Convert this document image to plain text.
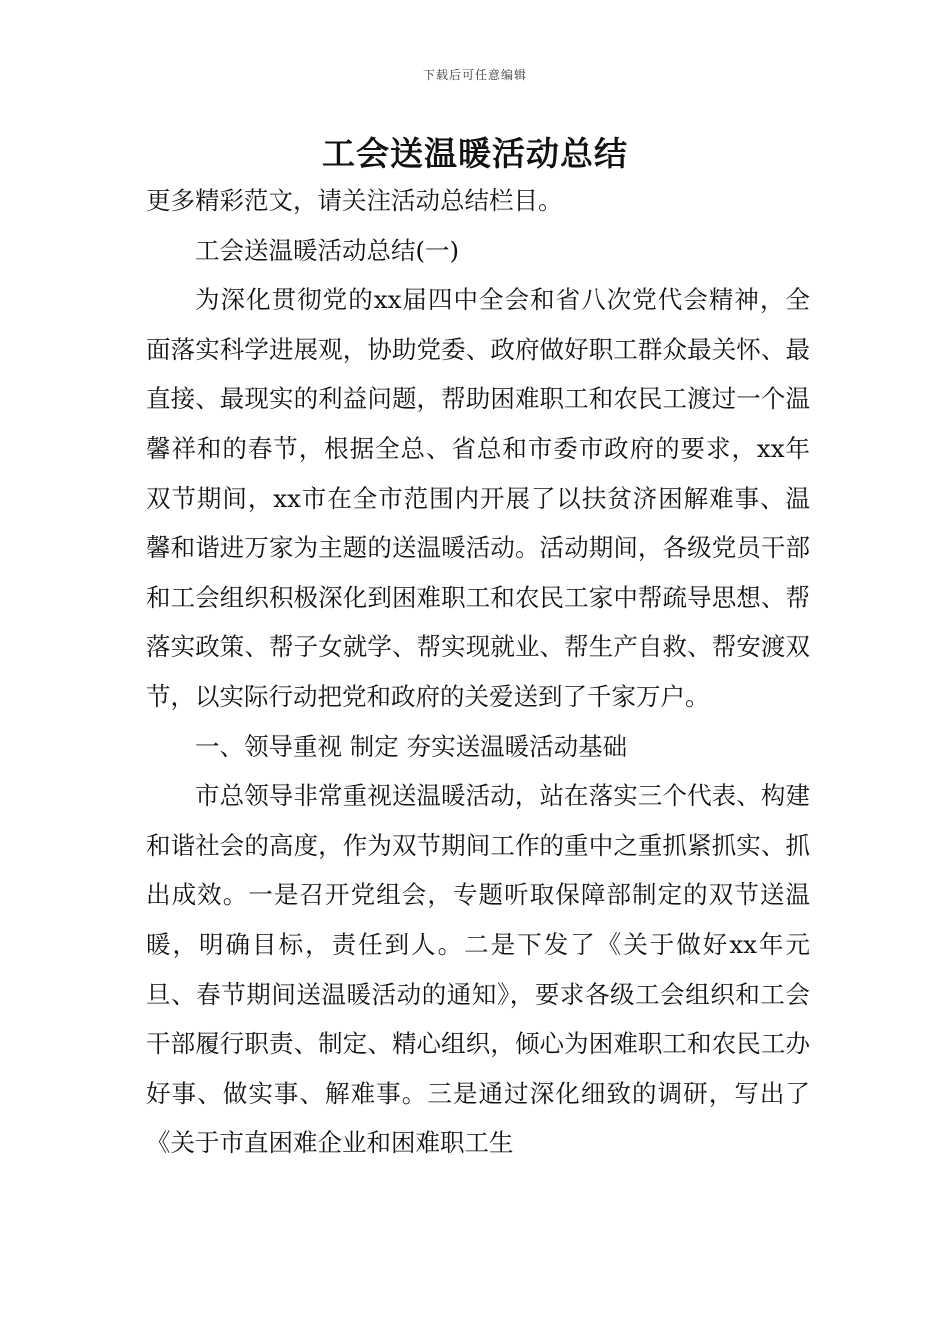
下载后可任意编辑
工会送温暖活动总结

更多精彩范文，请关注活动总结栏目。

工会送温暖活动总结(一)

为深化贯彻党的xx届四中全会和省八次党代会精神，全面落实科学进展观，协助党委、政府做好职工群众最关怀、最直接、最现实的利益问题，帮助困难职工和农民工渡过一个温馨祥和的春节，根据全总、省总和市委市政府的要求，xx年双节期间，xx市在全市范围内开展了以扶贫济困解难事、温馨和谐进万家为主题的送温暖活动。活动期间，各级党员干部和工会组织积极深化到困难职工和农民工家中帮疏导思想、帮落实政策、帮子女就学、帮实现就业、帮生产自救、帮安渡双节，以实际行动把党和政府的关爱送到了千家万户。

一、领导重视 制定 夯实送温暖活动基础

市总领导非常重视送温暖活动，站在落实三个代表、构建和谐社会的高度，作为双节期间工作的重中之重抓紧抓实、抓出成效。一是召开党组会，专题听取保障部制定的双节送温暖，明确目标，责任到人。二是下发了《关于做好xx年元旦、春节期间送温暖活动的通知》，要求各级工会组织和工会干部履行职责、制定、精心组织，倾心为困难职工和农民工办好事、做实事、解难事。三是通过深化细致的调研，写出了《关于市直困难企业和困难职工生
